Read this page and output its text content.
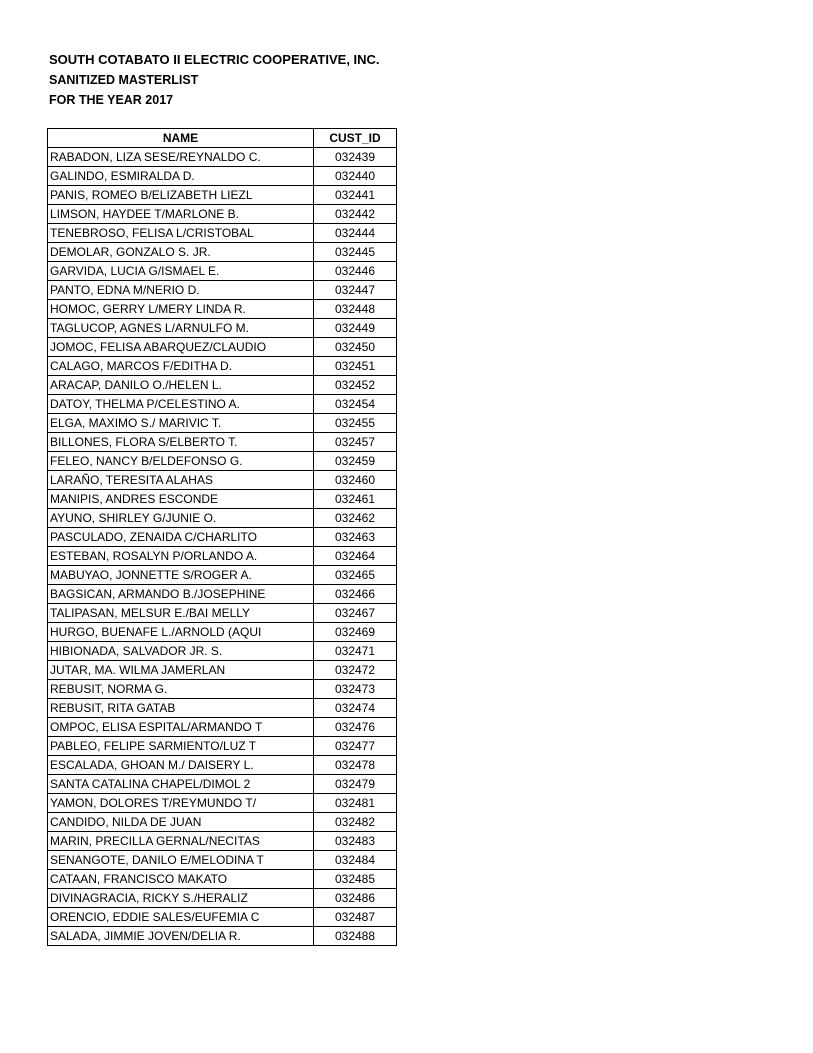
SOUTH COTABATO II ELECTRIC COOPERATIVE, INC.
SANITIZED MASTERLIST
FOR THE YEAR 2017
NAME	CUST_ID
RABADON, LIZA SESE/REYNALDO C.	032439
GALINDO, ESMIRALDA D.	032440
PANIS, ROMEO B/ELIZABETH LIEZL	032441
LIMSON, HAYDEE T/MARLONE B.	032442
TENEBROSO, FELISA L/CRISTOBAL	032444
DEMOLAR, GONZALO S. JR.	032445
GARVIDA, LUCIA G/ISMAEL E.	032446
PANTO, EDNA M/NERIO D.	032447
HOMOC, GERRY L/MERY LINDA R.	032448
TAGLUCOP, AGNES L/ARNULFO M.	032449
JOMOC, FELISA ABARQUEZ/CLAUDIO	032450
CALAGO, MARCOS F/EDITHA D.	032451
ARACAP, DANILO O./HELEN L.	032452
DATOY, THELMA P/CELESTINO A.	032454
ELGA, MAXIMO S./ MARIVIC T.	032455
BILLONES, FLORA S/ELBERTO T.	032457
FELEO, NANCY B/ELDEFONSO G.	032459
LARAÑO, TERESITA ALAHAS	032460
MANIPIS, ANDRES ESCONDE	032461
AYUNO, SHIRLEY G/JUNIE O.	032462
PASCULADO, ZENAIDA C/CHARLITO	032463
ESTEBAN, ROSALYN P/ORLANDO A.	032464
MABUYAO, JONNETTE S/ROGER A.	032465
BAGSICAN, ARMANDO B./JOSEPHINE	032466
TALIPASAN, MELSUR E./BAI MELLY	032467
HURGO, BUENAFE L./ARNOLD (AQUI	032469
HIBIONADA, SALVADOR JR. S.	032471
JUTAR, MA. WILMA JAMERLAN	032472
REBUSIT, NORMA G.	032473
REBUSIT, RITA GATAB	032474
OMPOC, ELISA ESPITAL/ARMANDO T	032476
PABLEO, FELIPE SARMIENTO/LUZ T	032477
ESCALADA, GHOAN M./ DAISERY L.	032478
SANTA CATALINA CHAPEL/DIMOL 2	032479
YAMON, DOLORES T/REYMUNDO T/	032481
CANDIDO, NILDA DE JUAN	032482
MARIN, PRECILLA GERNAL/NECITAS	032483
SENANGOTE, DANILO E/MELODINA T	032484
CATAAN, FRANCISCO MAKATO	032485
DIVINAGRACIA, RICKY S./HERALIZ	032486
ORENCIO, EDDIE SALES/EUFEMIA C	032487
SALADA, JIMMIE JOVEN/DELIA R.	032488
